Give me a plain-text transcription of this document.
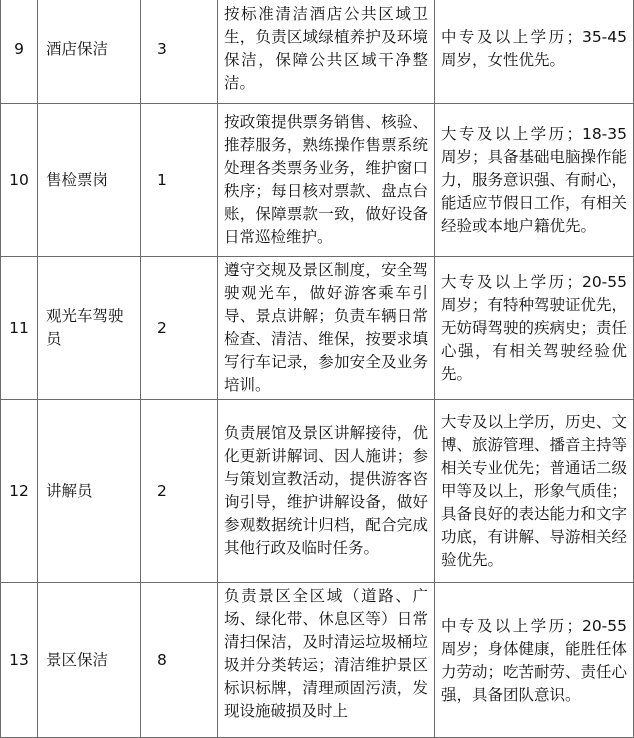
9	酒店保洁	3	按标准清洁酒店公共区域卫生，负责区域绿植养护及环境保洁，保障公共区域干净整洁。	中专及以上学历；35-45 周岁，女性优先。
10	售检票岗	1	按政策提供票务销售、核验、推荐服务，熟练操作售票系统处理各类票务业务，维护窗口秩序；每日核对票款、盘点台账，保障票款一致，做好设备日常巡检维护。	大专及以上学历；18-35 周岁；具备基础电脑操作能力，服务意识强、有耐心，能适应节假日工作，有相关经验或本地户籍优先。
11	观光车驾驶员	2	遵守交规及景区制度，安全驾驶观光车，做好游客乘车引导、景点讲解；负责车辆日常检查、清洁、维保，按要求填写行车记录，参加安全及业务培训。	大专及以上学历；20-55 周岁；有特种驾驶证优先，无妨碍驾驶的疾病史；责任心强，有相关驾驶经验优先。
12	讲解员	2	负责展馆及景区讲解接待，优化更新讲解词、因人施讲；参与策划宣教活动，提供游客咨询引导，维护讲解设备，做好参观数据统计归档，配合完成其他行政及临时任务。	大专及以上学历，历史、文博、旅游管理、播音主持等相关专业优先；普通话二级甲等及以上，形象气质佳；具备良好的表达能力和文字功底，有讲解、导游相关经验优先。
13	景区保洁	8	负责景区全区域（道路、广场、绿化带、休息区等）日常清扫保洁，及时清运垃圾桶垃圾并分类转运；清洁维护景区标识标牌，清理顽固污渍，发现设施破损及时上	中专及以上学历；20-55 周岁；身体健康，能胜任体力劳动；吃苦耐劳、责任心强，具备团队意识。
